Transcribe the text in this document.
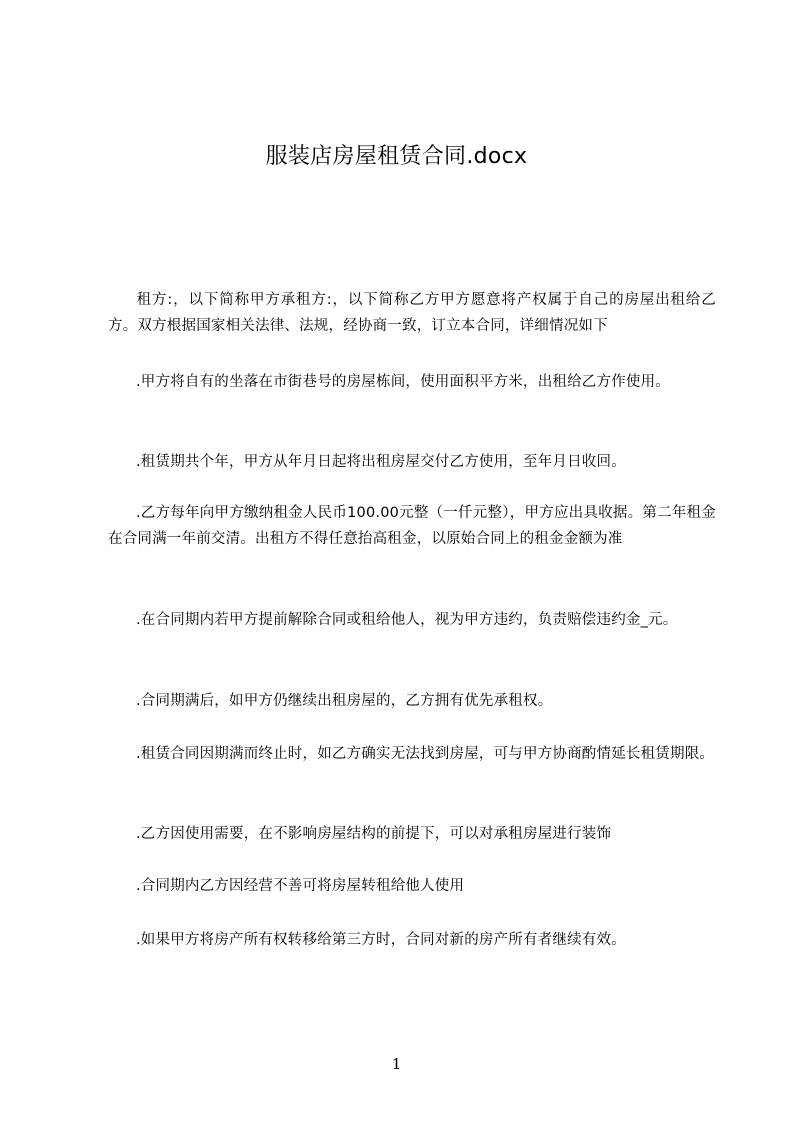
服装店房屋租赁合同.docx

租方:，以下简称甲方承租方:，以下简称乙方甲方愿意将产权属于自己的房屋出租给乙方。双方根据国家相关法律、法规，经协商一致，订立本合同，详细情况如下

.甲方将自有的坐落在市街巷号的房屋栋间，使用面积平方米，出租给乙方作使用。

.租赁期共个年，甲方从年月日起将出租房屋交付乙方使用，至年月日收回。

.乙方每年向甲方缴纳租金人民币100.00元整（一仟元整），甲方应出具收据。第二年租金在合同满一年前交清。出租方不得任意抬高租金，以原始合同上的租金金额为准

.在合同期内若甲方提前解除合同或租给他人，视为甲方违约，负责赔偿违约金_元。

.合同期满后，如甲方仍继续出租房屋的，乙方拥有优先承租权。

.租赁合同因期满而终止时，如乙方确实无法找到房屋，可与甲方协商酌情延长租赁期限。

.乙方因使用需要，在不影响房屋结构的前提下，可以对承租房屋进行装饰

.合同期内乙方因经营不善可将房屋转租给他人使用

.如果甲方将房产所有权转移给第三方时，合同对新的房产所有者继续有效。

1
